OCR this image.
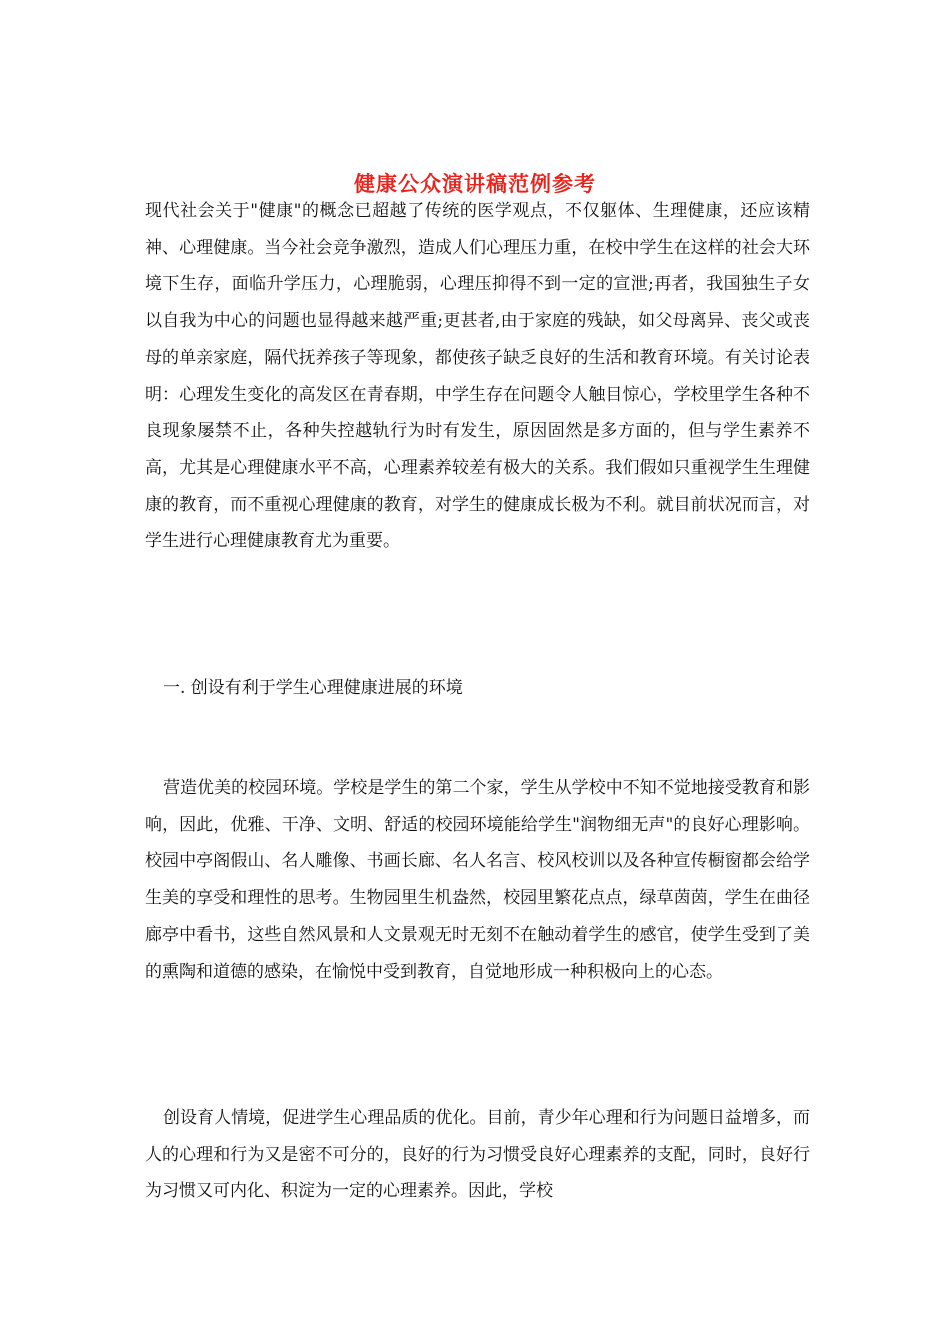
健康公众演讲稿范例参考

现代社会关于"健康"的概念已超越了传统的医学观点，不仅躯体、生理健康，还应该精神、心理健康。当今社会竞争激烈，造成人们心理压力重，在校中学生在这样的社会大环境下生存，面临升学压力，心理脆弱，心理压抑得不到一定的宣泄;再者，我国独生子女以自我为中心的问题也显得越来越严重;更甚者,由于家庭的残缺，如父母离异、丧父或丧母的单亲家庭，隔代抚养孩子等现象，都使孩子缺乏良好的生活和教育环境。有关讨论表明：心理发生变化的高发区在青春期，中学生存在问题令人触目惊心，学校里学生各种不良现象屡禁不止，各种失控越轨行为时有发生，原因固然是多方面的，但与学生素养不高，尤其是心理健康水平不高，心理素养较差有极大的关系。我们假如只重视学生生理健康的教育，而不重视心理健康的教育，对学生的健康成长极为不利。就目前状况而言，对学生进行心理健康教育尤为重要。

一. 创设有利于学生心理健康进展的环境

营造优美的校园环境。学校是学生的第二个家，学生从学校中不知不觉地接受教育和影响，因此，优雅、干净、文明、舒适的校园环境能给学生"润物细无声"的良好心理影响。校园中亭阁假山、名人雕像、书画长廊、名人名言、校风校训以及各种宣传橱窗都会给学生美的享受和理性的思考。生物园里生机盎然，校园里繁花点点，绿草茵茵，学生在曲径廊亭中看书，这些自然风景和人文景观无时无刻不在触动着学生的感官，使学生受到了美的熏陶和道德的感染，在愉悦中受到教育，自觉地形成一种积极向上的心态。

创设育人情境，促进学生心理品质的优化。目前，青少年心理和行为问题日益增多，而人的心理和行为又是密不可分的，良好的行为习惯受良好心理素养的支配，同时，良好行为习惯又可内化、积淀为一定的心理素养。因此，学校
